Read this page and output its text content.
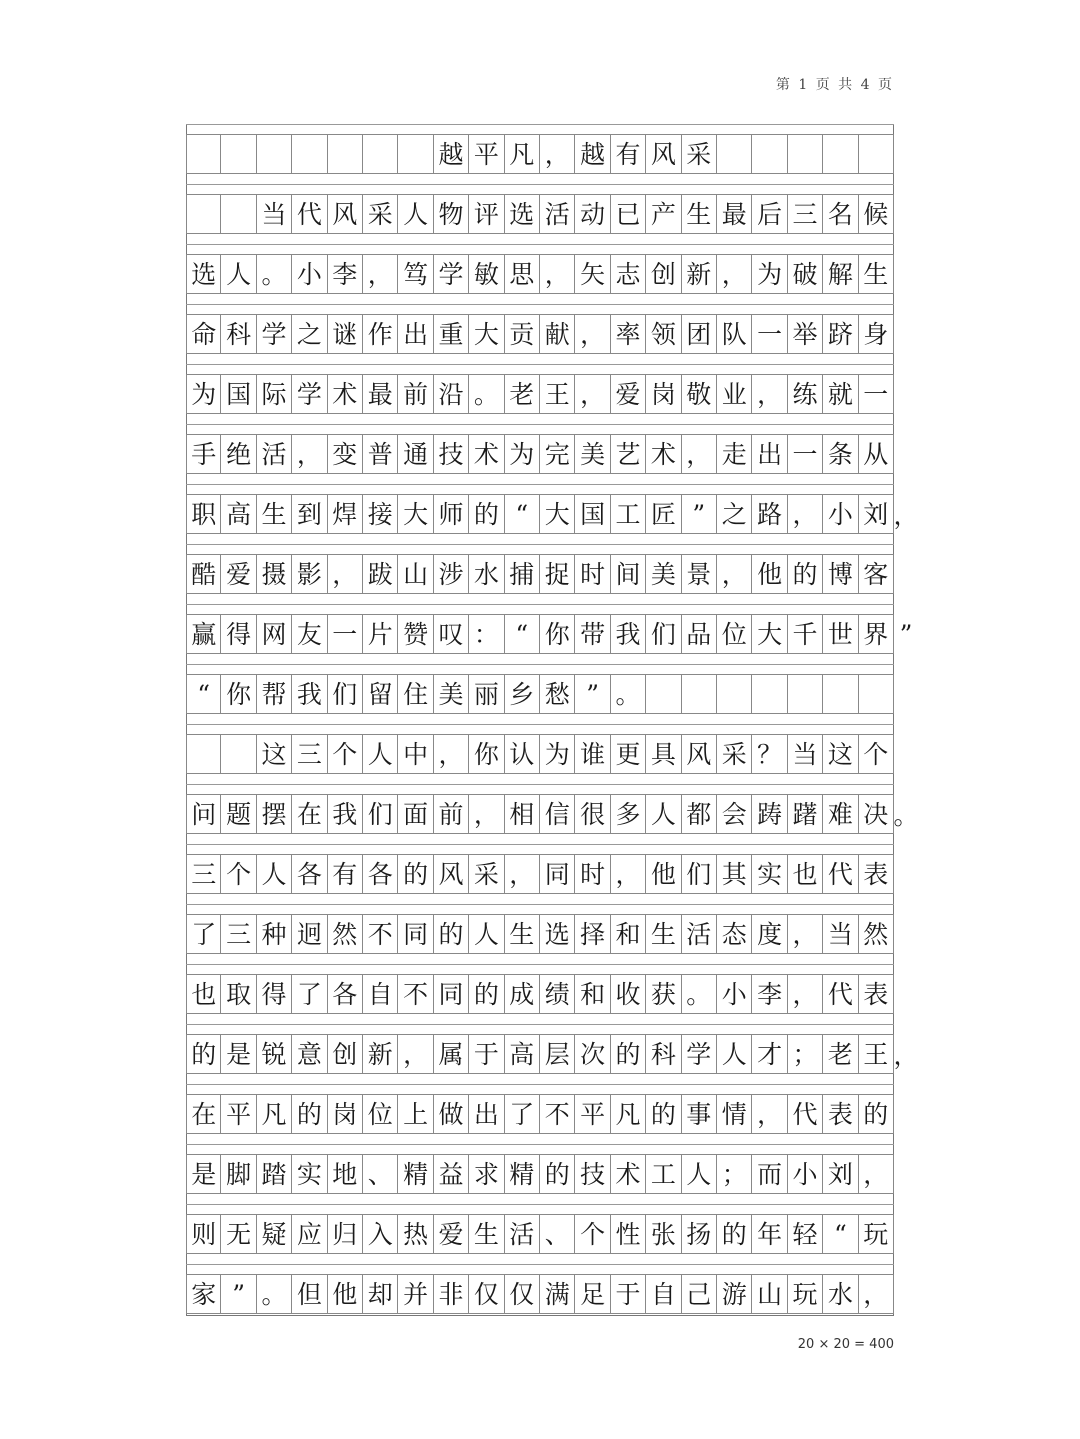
第 1 页 共 4 页
越 平 凡 ， 越 有 风 采
当 代 风 采 人 物 评 选 活 动 已 产 生 最 后 三 名 候
选 人 。 小 李 ， 笃 学 敏 思 ， 矢 志 创 新 ， 为 破 解 生
命 科 学 之 谜 作 出 重 大 贡 献 ， 率 领 团 队 一 举 跻 身
为 国 际 学 术 最 前 沿 。 老 王 ， 爱 岗 敬 业 ， 练 就 一
手 绝 活 ， 变 普 通 技 术 为 完 美 艺 术 ， 走 出 一 条 从
职 高 生 到 焊 接 大 师 的 “ 大 国 工 匠 ” 之 路 ， 小 刘 ，
酷 爱 摄 影 ， 跋 山 涉 水 捕 捉 时 间 美 景 ， 他 的 博 客
赢 得 网 友 一 片 赞 叹 ： “ 你 带 我 们 品 位 大 千 世 界 ”
“ 你 帮 我 们 留 住 美 丽 乡 愁 ” 。
这 三 个 人 中 ， 你 认 为 谁 更 具 风 采 ？ 当 这 个
问 题 摆 在 我 们 面 前 ， 相 信 很 多 人 都 会 踌 躇 难 决 。
三 个 人 各 有 各 的 风 采 ， 同 时 ， 他 们 其 实 也 代 表
了 三 种 迥 然 不 同 的 人 生 选 择 和 生 活 态 度 ， 当 然
也 取 得 了 各 自 不 同 的 成 绩 和 收 获 。 小 李 ， 代 表
的 是 锐 意 创 新 ， 属 于 高 层 次 的 科 学 人 才 ； 老 王 ，
在 平 凡 的 岗 位 上 做 出 了 不 平 凡 的 事 情 ， 代 表 的
是 脚 踏 实 地 、 精 益 求 精 的 技 术 工 人 ； 而 小 刘 ，
则 无 疑 应 归 入 热 爱 生 活 、 个 性 张 扬 的 年 轻 “ 玩
家 ” 。 但 他 却 并 非 仅 仅 满 足 于 自 己 游 山 玩 水 ，
20 × 20 = 400
